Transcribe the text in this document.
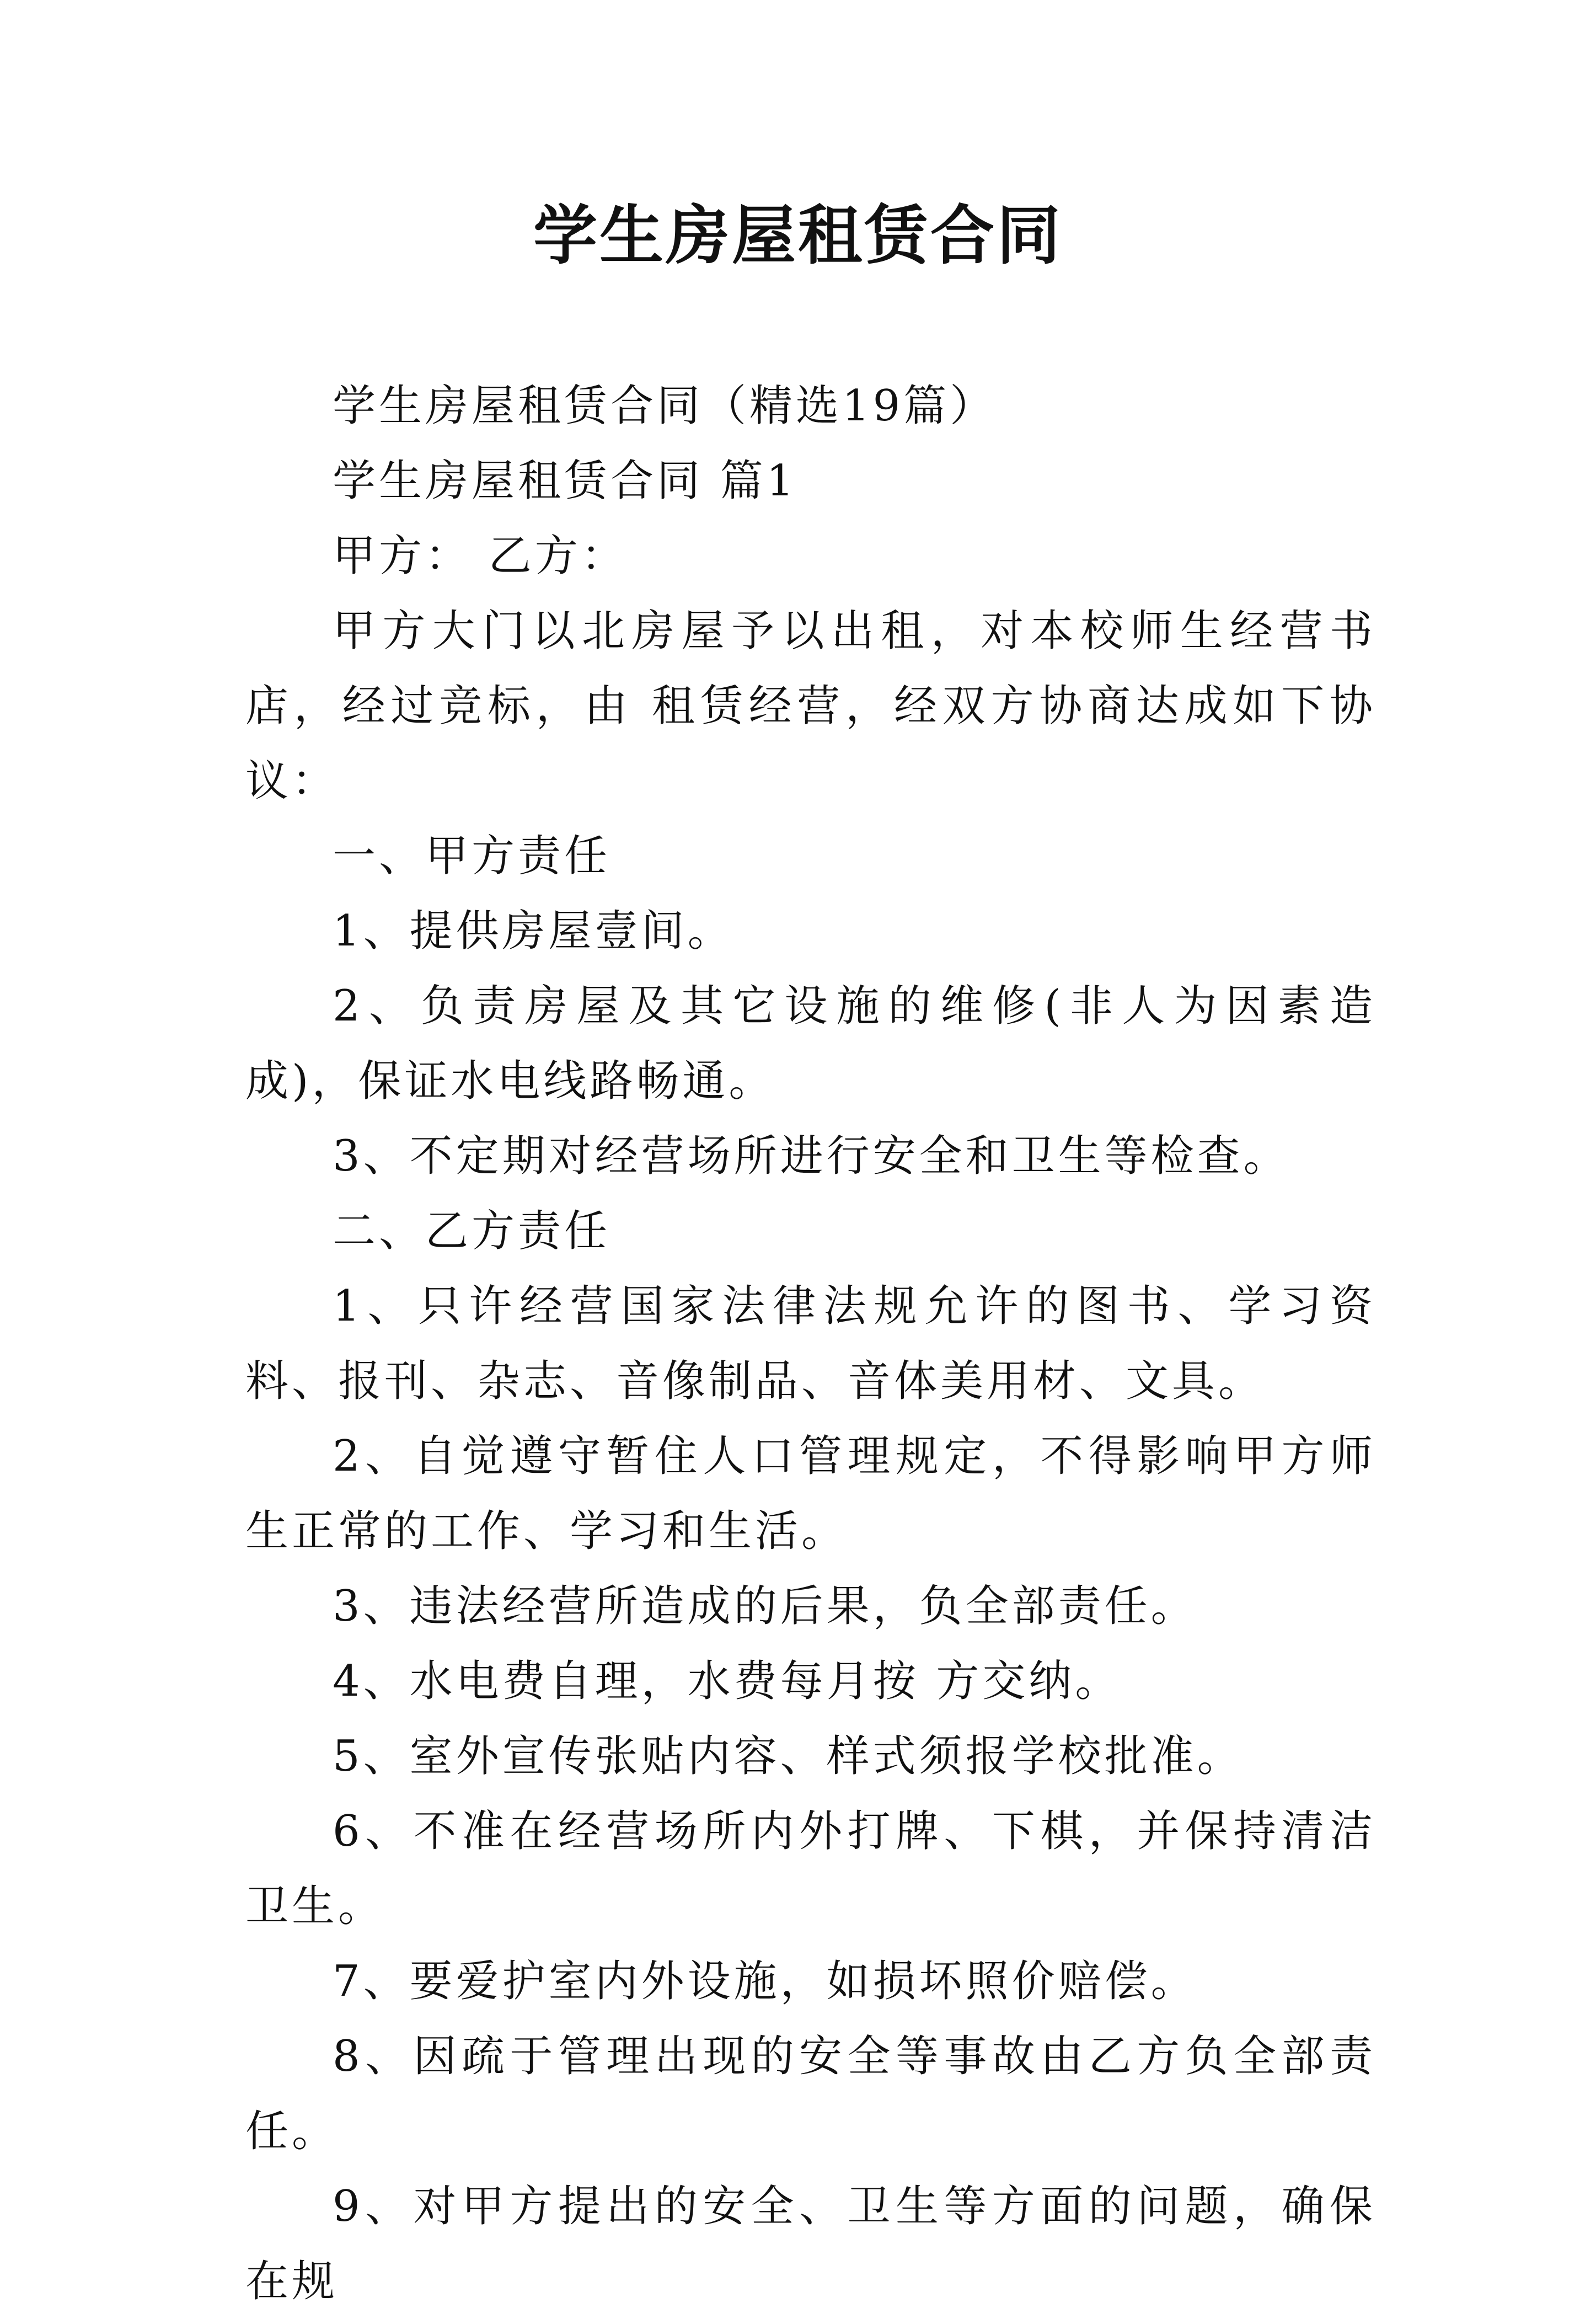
学生房屋租赁合同

学生房屋租赁合同（精选19篇）

学生房屋租赁合同 篇1

甲方： 乙方：

甲方大门以北房屋予以出租，对本校师生经营书店，经过竞标，由 租赁经营，经双方协商达成如下协议：

一、甲方责任

1、提供房屋壹间。

2、负责房屋及其它设施的维修(非人为因素造成)，保证水电线路畅通。

3、不定期对经营场所进行安全和卫生等检查。

二、乙方责任

1、只许经营国家法律法规允许的图书、学习资料、报刊、杂志、音像制品、音体美用材、文具。

2、自觉遵守暂住人口管理规定，不得影响甲方师生正常的工作、学习和生活。

3、违法经营所造成的后果，负全部责任。

4、水电费自理，水费每月按 方交纳。

5、室外宣传张贴内容、样式须报学校批准。

6、不准在经营场所内外打牌、下棋，并保持清洁卫生。

7、要爱护室内外设施，如损坏照价赔偿。

8、因疏于管理出现的安全等事故由乙方负全部责任。

9、对甲方提出的安全、卫生等方面的问题，确保在规
